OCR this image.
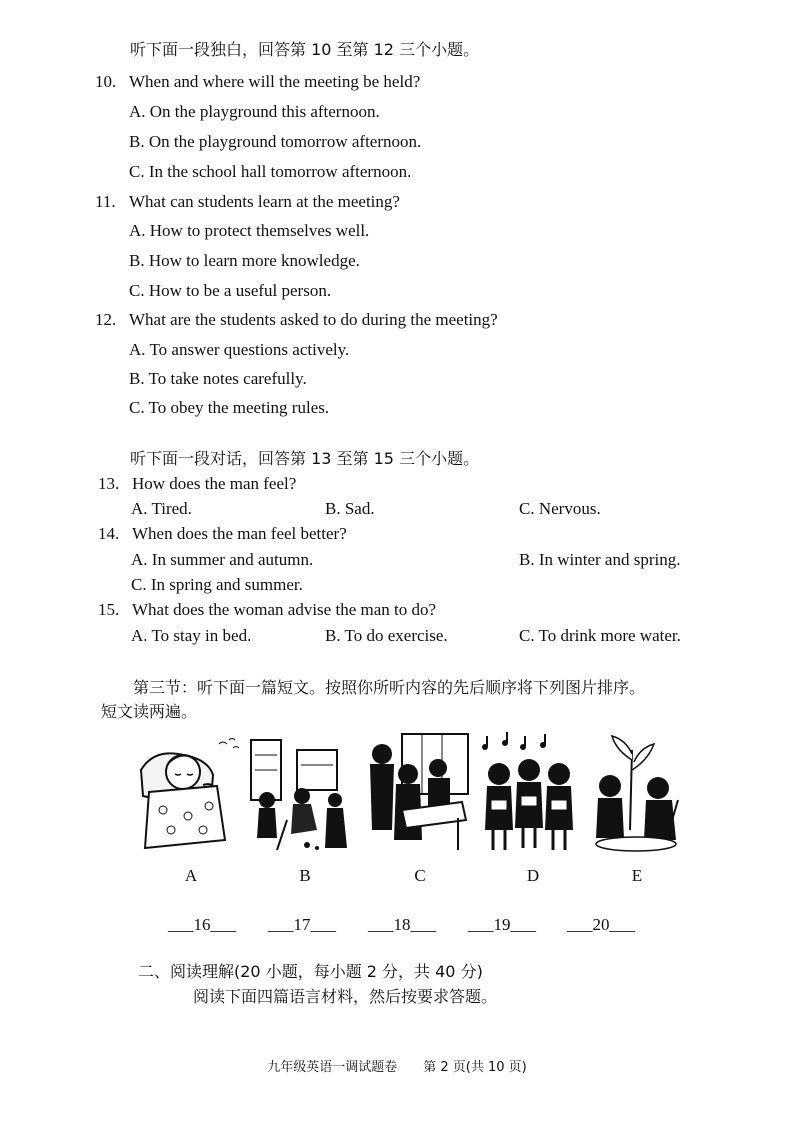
听下面一段独白，回答第 10 至第 12 三个小题。
10. When and where will the meeting be held?
A. On the playground this afternoon.
B. On the playground tomorrow afternoon.
C. In the school hall tomorrow afternoon.
11. What can students learn at the meeting?
A. How to protect themselves well.
B. How to learn more knowledge.
C. How to be a useful person.
12. What are the students asked to do during the meeting?
A. To answer questions actively.
B. To take notes carefully.
C. To obey the meeting rules.
听下面一段对话，回答第 13 至第 15 三个小题。
13. How does the man feel?
A. Tired.	B. Sad.	C. Nervous.
14. When does the man feel better?
A. In summer and autumn.	B. In winter and spring.
C. In spring and summer.
15. What does the woman advise the man to do?
A. To stay in bed.	B. To do exercise.	C. To drink more water.
第三节：听下面一篇短文。按照你所听内容的先后顺序将下列图片排序。
短文读两遍。
A	B	C	D	E
___16___ ___17___ ___18___ ___19___ ___20___
二、阅读理解(20 小题，每小题 2 分，共 40 分)
阅读下面四篇语言材料，然后按要求答题。
九年级英语一调试题卷　　第 2 页(共 10 页)
